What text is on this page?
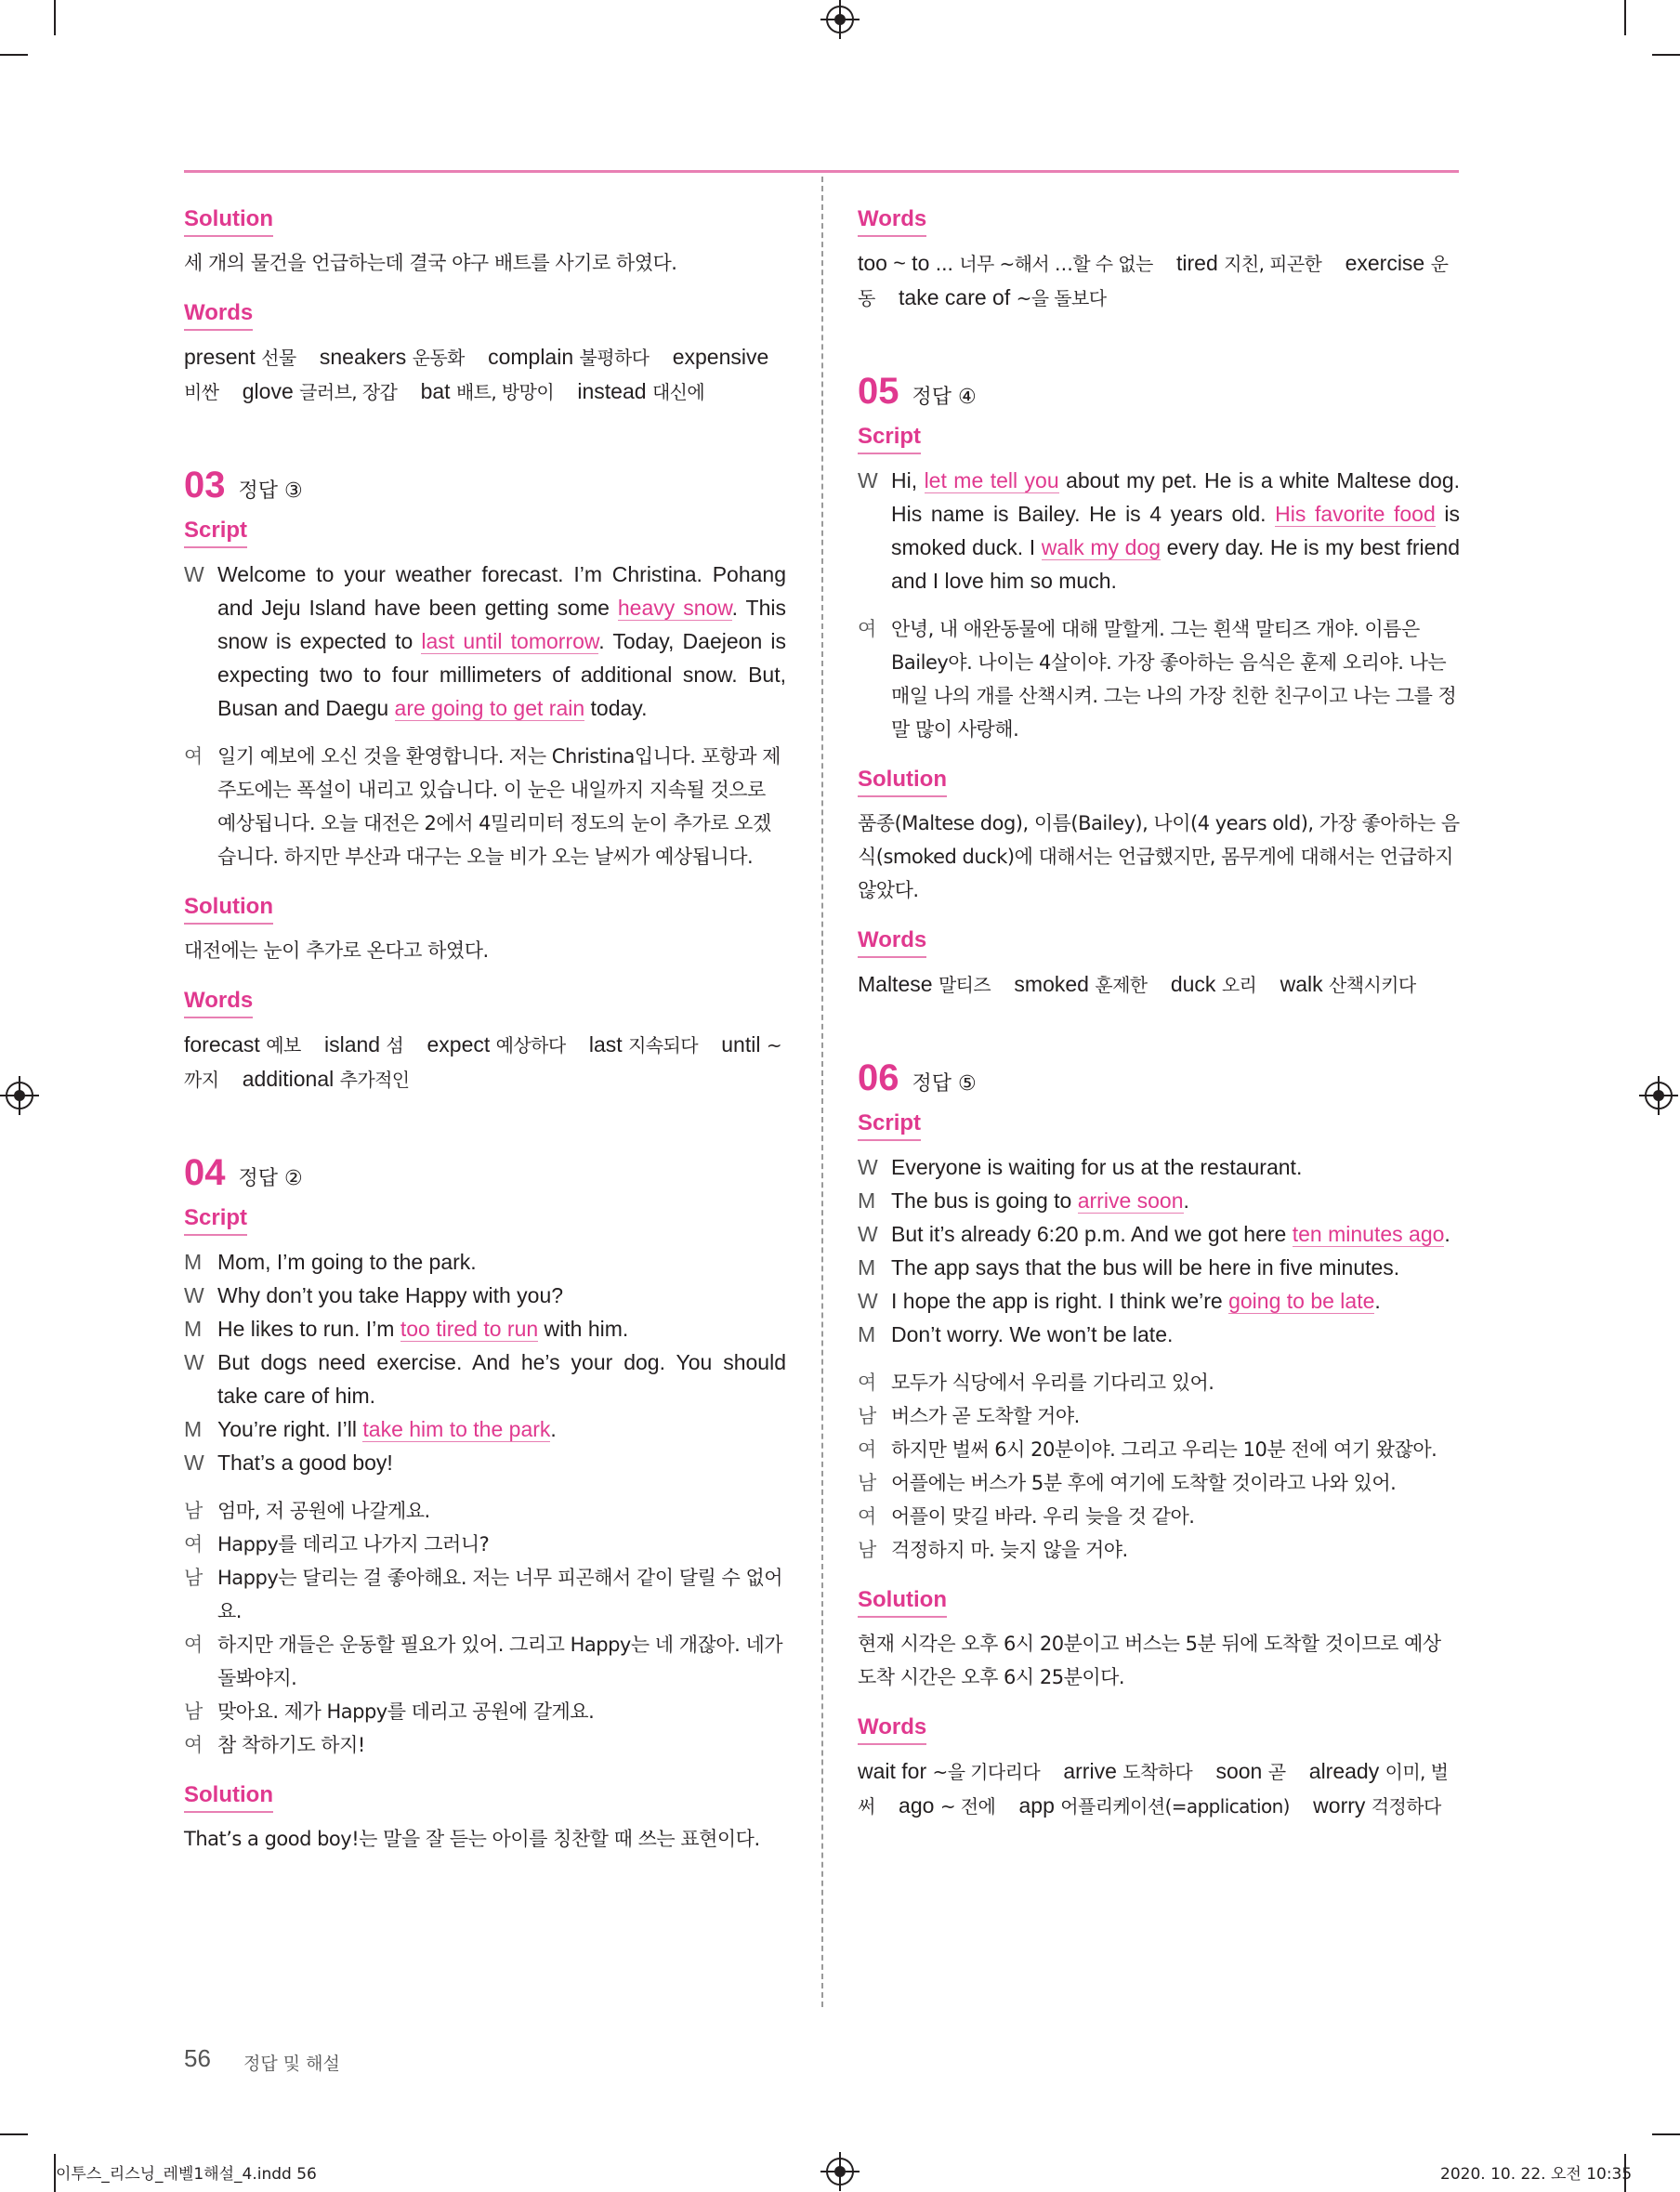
Solution

세 개의 물건을 언급하는데 결국 야구 배트를 사기로 하였다.

Words

present 선물 sneakers 운동화 complain 불평하다 expensive 비싼 glove 글러브, 장갑 bat 배트, 방망이 instead 대신에

03 정답 ③
Script
W Welcome to your weather forecast. I’m Christina. Pohang and Jeju Island have been getting some heavy snow. This snow is expected to last until tomorrow. Today, Daejeon is expecting two to four millimeters of additional snow. But, Busan and Daegu are going to get rain today.
여 일기 예보에 오신 것을 환영합니다. 저는 Christina입니다. 포항과 제주도에는 폭설이 내리고 있습니다. 이 눈은 내일까지 지속될 것으로 예상됩니다. 오늘 대전은 2에서 4밀리미터 정도의 눈이 추가로 오겠습니다. 하지만 부산과 대구는 오늘 비가 오는 날씨가 예상됩니다.
Solution

대전에는 눈이 추가로 온다고 하였다.

Words

forecast 예보 island 섬 expect 예상하다 last 지속되다 until ~까지 additional 추가적인

04 정답 ②
Script
M Mom, I’m going to the park.
W Why don’t you take Happy with you?
M He likes to run. I’m too tired to run with him.
W But dogs need exercise. And he’s your dog. You should take care of him.
M You’re right. I’ll take him to the park.
W That’s a good boy!
남 엄마, 저 공원에 나갈게요.
여 Happy를 데리고 나가지 그러니?
남 Happy는 달리는 걸 좋아해요. 저는 너무 피곤해서 같이 달릴 수 없어요.
여 하지만 개들은 운동할 필요가 있어. 그리고 Happy는 네 개잖아. 네가 돌봐야지.
남 맞아요. 제가 Happy를 데리고 공원에 갈게요.
여 참 착하기도 하지!
Solution

That’s a good boy!는 말을 잘 듣는 아이를 칭찬할 때 쓰는 표현이다.

Words

too ~ to ... 너무 ~해서 …할 수 없는 tired 지친, 피곤한 exercise 운동 take care of ~을 돌보다

05 정답 ④
Script
W Hi, let me tell you about my pet. He is a white Maltese dog. His name is Bailey. He is 4 years old. His favorite food is smoked duck. I walk my dog every day. He is my best friend and I love him so much.
여 안녕, 내 애완동물에 대해 말할게. 그는 흰색 말티즈 개야. 이름은 Bailey야. 나이는 4살이야. 가장 좋아하는 음식은 훈제 오리야. 나는 매일 나의 개를 산책시켜. 그는 나의 가장 친한 친구이고 나는 그를 정말 많이 사랑해.
Solution

품종(Maltese dog), 이름(Bailey), 나이(4 years old), 가장 좋아하는 음식(smoked duck)에 대해서는 언급했지만, 몸무게에 대해서는 언급하지 않았다.

Words

Maltese 말티즈 smoked 훈제한 duck 오리 walk 산책시키다

06 정답 ⑤
Script
W Everyone is waiting for us at the restaurant.
M The bus is going to arrive soon.
W But it’s already 6:20 p.m. And we got here ten minutes ago.
M The app says that the bus will be here in five minutes.
W I hope the app is right. I think we’re going to be late.
M Don’t worry. We won’t be late.
여 모두가 식당에서 우리를 기다리고 있어.
남 버스가 곧 도착할 거야.
여 하지만 벌써 6시 20분이야. 그리고 우리는 10분 전에 여기 왔잖아.
남 어플에는 버스가 5분 후에 여기에 도착할 것이라고 나와 있어.
여 어플이 맞길 바라. 우리 늦을 것 같아.
남 걱정하지 마. 늦지 않을 거야.
Solution

현재 시각은 오후 6시 20분이고 버스는 5분 뒤에 도착할 것이므로 예상 도착 시간은 오후 6시 25분이다.

Words

wait for ~을 기다리다 arrive 도착하다 soon 곧 already 이미, 벌써 ago ~ 전에 app 어플리케이션(=application) worry 걱정하다

56 정답 및 해설
이투스_리스닝_레벨1해설_4.indd 56	2020. 10. 22. 오전 10:35
